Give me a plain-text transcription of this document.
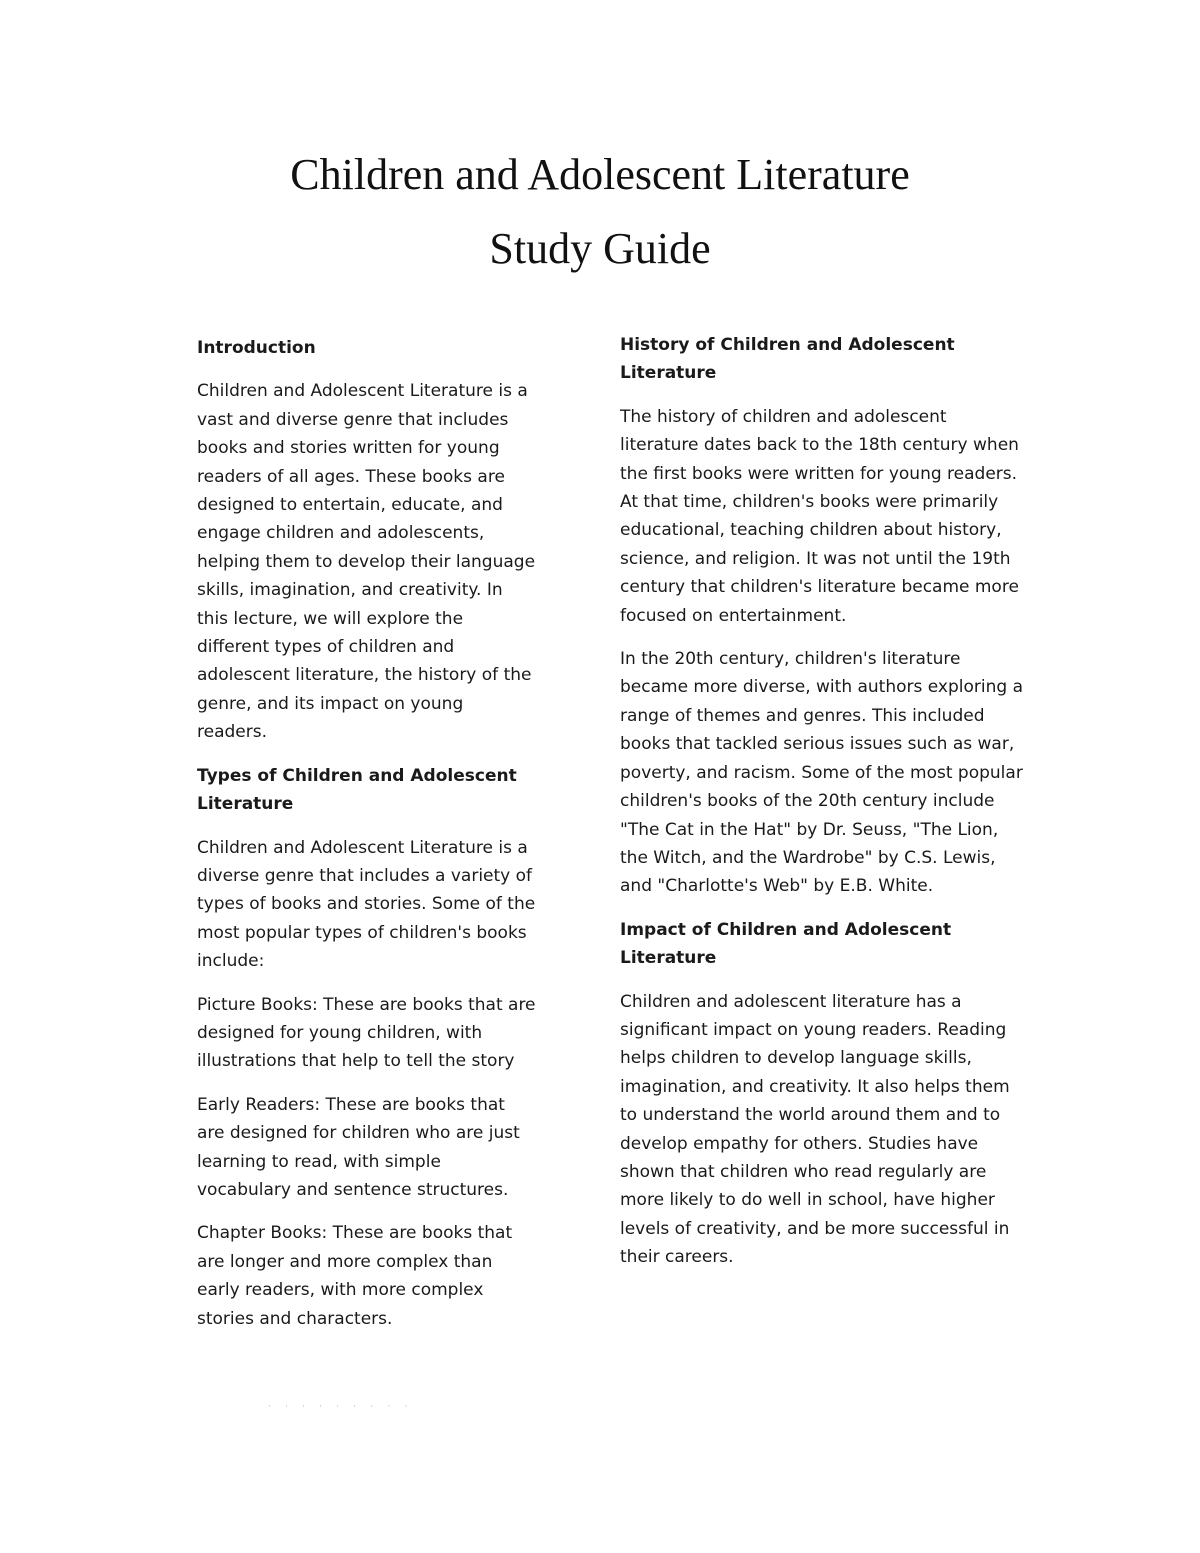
Children and Adolescent Literature
Study Guide

Introduction

Children and Adolescent Literature is a vast and diverse genre that includes books and stories written for young readers of all ages. These books are designed to entertain, educate, and engage children and adolescents, helping them to develop their language skills, imagination, and creativity. In this lecture, we will explore the different types of children and adolescent literature, the history of the genre, and its impact on young readers.

Types of Children and Adolescent Literature

Children and Adolescent Literature is a diverse genre that includes a variety of types of books and stories. Some of the most popular types of children's books include:

Picture Books: These are books that are designed for young children, with illustrations that help to tell the story

Early Readers: These are books that are designed for children who are just learning to read, with simple vocabulary and sentence structures.

Chapter Books: These are books that are longer and more complex than early readers, with more complex stories and characters.

History of Children and Adolescent Literature

The history of children and adolescent literature dates back to the 18th century when the first books were written for young readers. At that time, children's books were primarily educational, teaching children about history, science, and religion. It was not until the 19th century that children's literature became more focused on entertainment.

In the 20th century, children's literature became more diverse, with authors exploring a range of themes and genres. This included books that tackled serious issues such as war, poverty, and racism. Some of the most popular children's books of the 20th century include "The Cat in the Hat" by Dr. Seuss, "The Lion, the Witch, and the Wardrobe" by C.S. Lewis, and "Charlotte's Web" by E.B. White.

Impact of Children and Adolescent Literature

Children and adolescent literature has a significant impact on young readers. Reading helps children to develop language skills, imagination, and creativity. It also helps them to understand the world around them and to develop empathy for others. Studies have shown that children who read regularly are more likely to do well in school, have higher levels of creativity, and be more successful in their careers.

· · · · · · · · ·
